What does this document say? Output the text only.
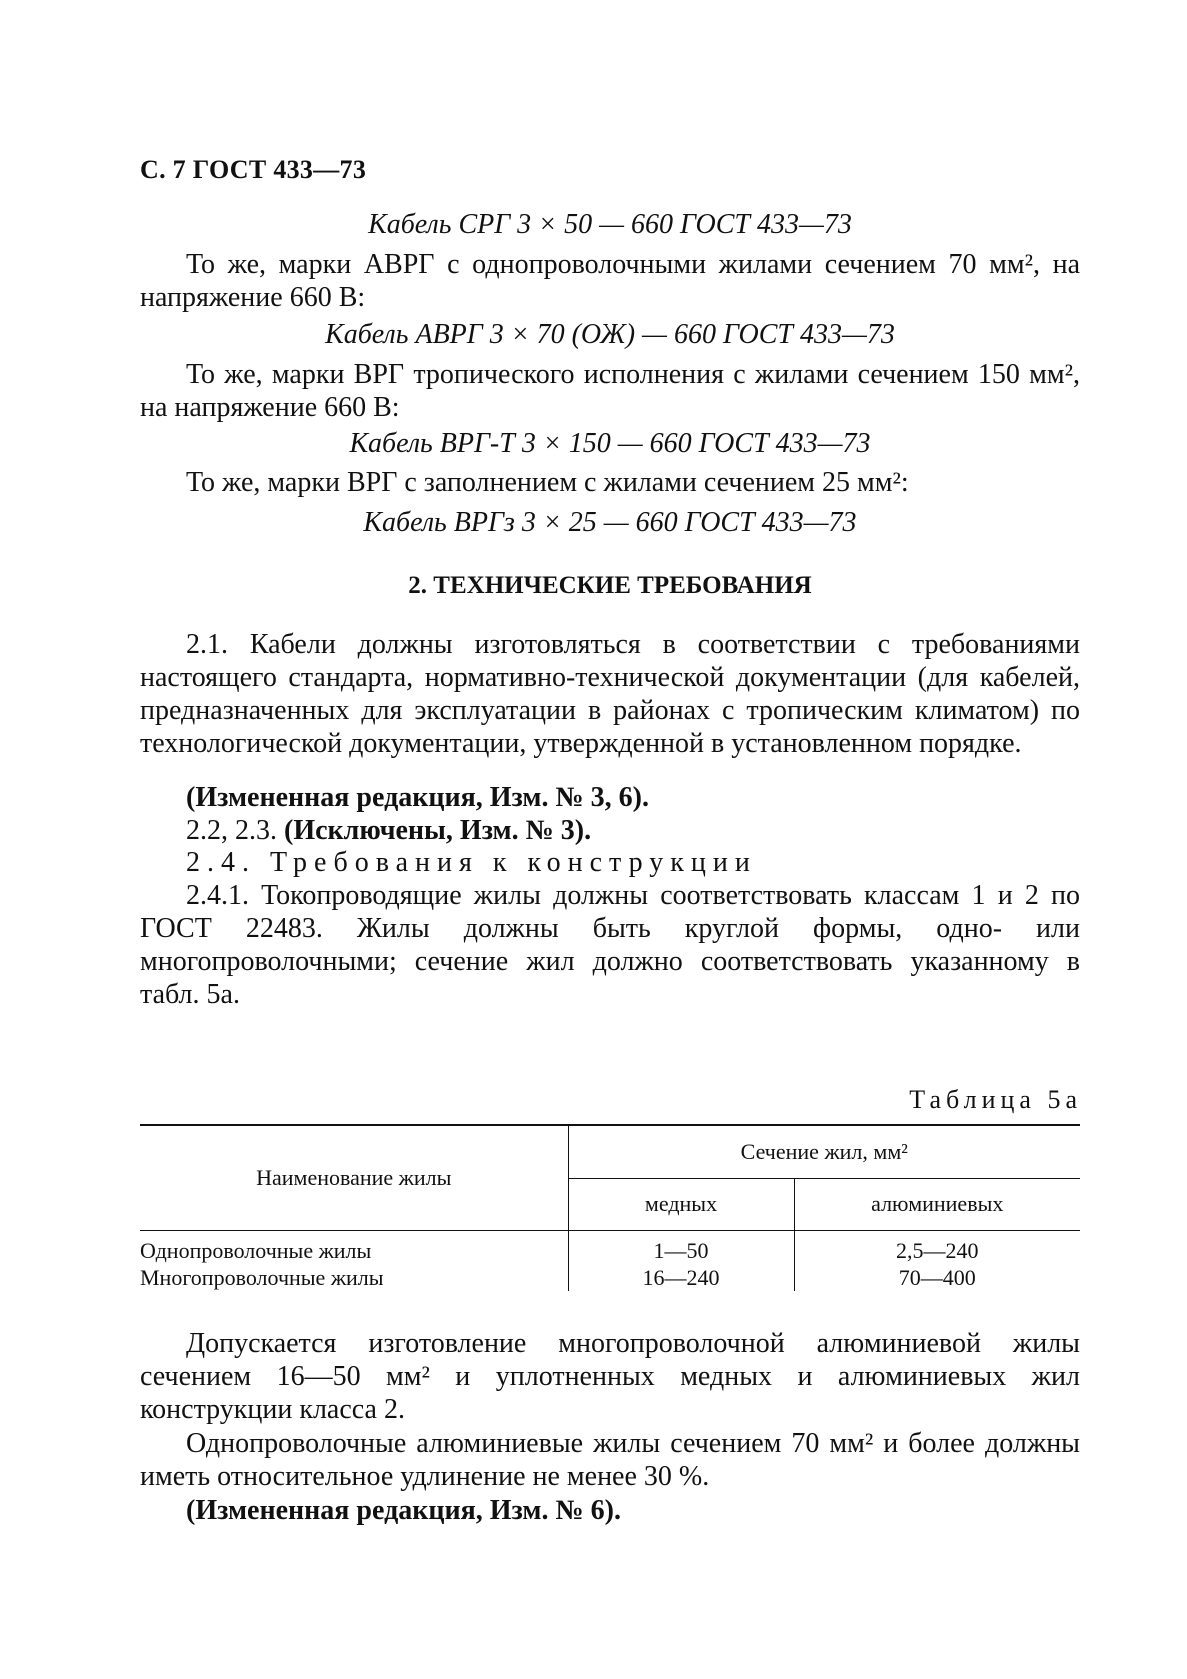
С. 7 ГОСТ 433—73
Кабель СРГ 3 × 50 — 660 ГОСТ 433—73
То же, марки АВРГ с однопроволочными жилами сечением 70 мм², на напряжение 660 В:
Кабель АВРГ 3 × 70 (ОЖ) — 660 ГОСТ 433—73
То же, марки ВРГ тропического исполнения с жилами сечением 150 мм², на напряжение 660 В:
Кабель ВРГ-Т 3 × 150 — 660 ГОСТ 433—73
То же, марки ВРГ с заполнением с жилами сечением 25 мм²:
Кабель ВРГз 3 × 25 — 660 ГОСТ 433—73
2. ТЕХНИЧЕСКИЕ ТРЕБОВАНИЯ
2.1. Кабели должны изготовляться в соответствии с требованиями настоящего стандарта, нормативно-технической документации (для кабелей, предназначенных для эксплуатации в районах с тропическим климатом) по технологической документации, утвержденной в установленном порядке.
(Измененная редакция, Изм. № 3, 6).
2.2, 2.3. (Исключены, Изм. № 3).
2.4. Требования к конструкции
2.4.1. Токопроводящие жилы должны соответствовать классам 1 и 2 по ГОСТ 22483. Жилы должны быть круглой формы, одно- или многопроволочными; сечение жил должно соответствовать указанному в табл. 5а.
Таблица 5а
Наименование жилы	Сечение жил, мм²	
	медных	алюминиевых
Однопроволочные жилы	1—50	2,5—240
Многопроволочные жилы	16—240	70—400
Допускается изготовление многопроволочной алюминиевой жилы сечением 16—50 мм² и уплотненных медных и алюминиевых жил конструкции класса 2.
Однопроволочные алюминиевые жилы сечением 70 мм² и более должны иметь относительное удлинение не менее 30 %.
(Измененная редакция, Изм. № 6).
